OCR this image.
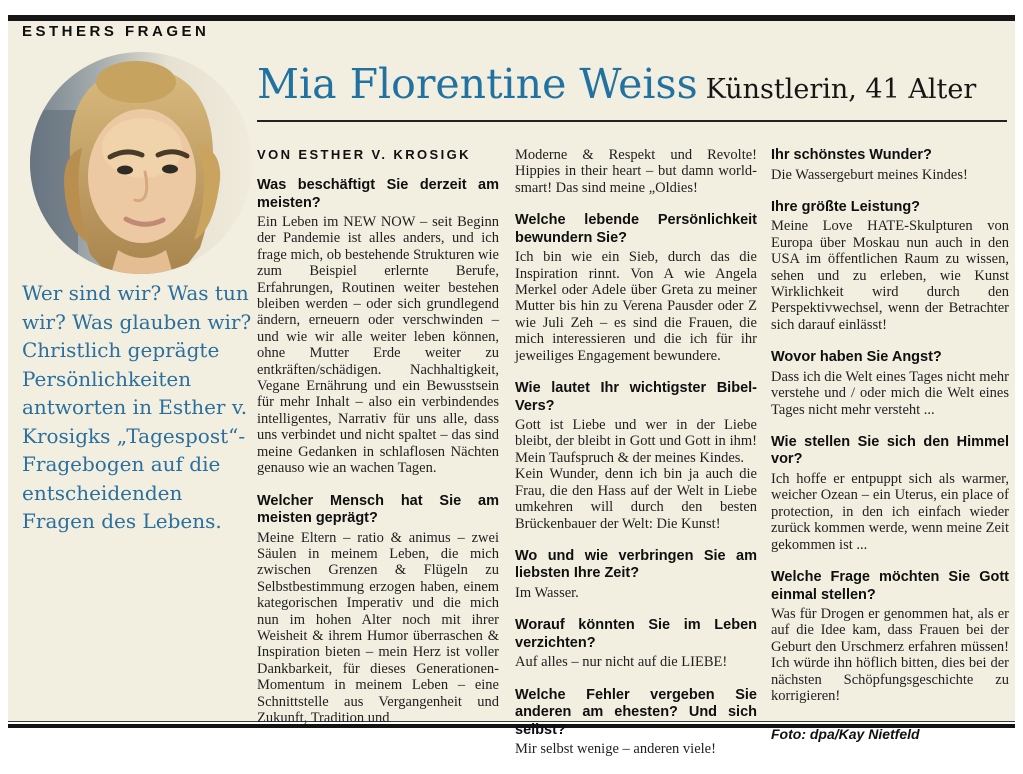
ESTHERS FRAGEN
Wer sind wir? Was tun wir? Was glauben wir? Christlich geprägte Persönlichkeiten antworten in Esther v. Krosigks „Tagespost“-Fragebogen auf die entscheidenden Fragen des Lebens.
Mia Florentine Weiss Künstlerin, 41 Alter

VON ESTHER V. KROSIGK

Was beschäftigt Sie derzeit am meisten?

Ein Leben im NEW NOW – seit Beginn der Pandemie ist alles anders, und ich frage mich, ob bestehende Strukturen wie zum Beispiel erlernte Berufe, Erfahrungen, Routinen weiter bestehen bleiben werden – oder sich grundlegend ändern, erneuern oder verschwinden – und wie wir alle weiter leben können, ohne Mutter Erde weiter zu entkräften/schädigen. Nachhaltigkeit, Vegane Ernährung und ein Bewusstsein für mehr Inhalt – also ein verbindendes intelligentes, Narrativ für uns alle, dass uns verbindet und nicht spaltet – das sind meine Gedanken in schlaflosen Nächten genauso wie an wachen Tagen.

Welcher Mensch hat Sie am meisten geprägt?

Meine Eltern – ratio & animus – zwei Säulen in meinem Leben, die mich zwischen Grenzen & Flügeln zu Selbstbestimmung erzogen haben, einem kategorischen Imperativ und die mich nun im hohen Alter noch mit ihrer Weisheit & ihrem Humor überraschen & Inspiration bieten – mein Herz ist voller Dankbarkeit, für dieses Generationen-Momentum in meinem Leben – eine Schnittstelle aus Vergangenheit und Zukunft, Tradition und

Moderne & Respekt und Revolte! Hippies in their heart – but damn world-smart! Das sind meine „Oldies!

Welche lebende Persönlichkeit bewundern Sie?

Ich bin wie ein Sieb, durch das die Inspiration rinnt. Von A wie Angela Merkel oder Adele über Greta zu meiner Mutter bis hin zu Verena Pausder oder Z wie Juli Zeh – es sind die Frauen, die mich interessieren und die ich für ihr jeweiliges Engagement bewundere.

Wie lautet Ihr wichtigster Bibel-Vers?

Gott ist Liebe und wer in der Liebe bleibt, der bleibt in Gott und Gott in ihm! Mein Taufspruch & der meines Kindes.

Kein Wunder, denn ich bin ja auch die Frau, die den Hass auf der Welt in Liebe umkehren will durch den besten Brückenbauer der Welt: Die Kunst!

Wo und wie verbringen Sie am liebsten Ihre Zeit?

Im Wasser.

Worauf könnten Sie im Leben verzichten?

Auf alles – nur nicht auf die LIEBE!

Welche Fehler vergeben Sie anderen am ehesten? Und sich selbst?

Mir selbst wenige – anderen viele!

Ihr schönstes Wunder?

Die Wassergeburt meines Kindes!

Ihre größte Leistung?

Meine Love HATE-Skulpturen von Europa über Moskau nun auch in den USA im öffentlichen Raum zu wissen, sehen und zu erleben, wie Kunst Wirklichkeit wird durch den Perspektivwechsel, wenn der Betrachter sich darauf einlässt!

Wovor haben Sie Angst?

Dass ich die Welt eines Tages nicht mehr verstehe und / oder mich die Welt eines Tages nicht mehr versteht ...

Wie stellen Sie sich den Himmel vor?

Ich hoffe er entpuppt sich als warmer, weicher Ozean – ein Uterus, ein place of protection, in den ich einfach wieder zurück kommen werde, wenn meine Zeit gekommen ist ...

Welche Frage möchten Sie Gott einmal stellen?

Was für Drogen er genommen hat, als er auf die Idee kam, dass Frauen bei der Geburt den Urschmerz erfahren müssen! Ich würde ihn höflich bitten, dies bei der nächsten Schöpfungsgeschichte zu korrigieren!

Foto: dpa/Kay Nietfeld
